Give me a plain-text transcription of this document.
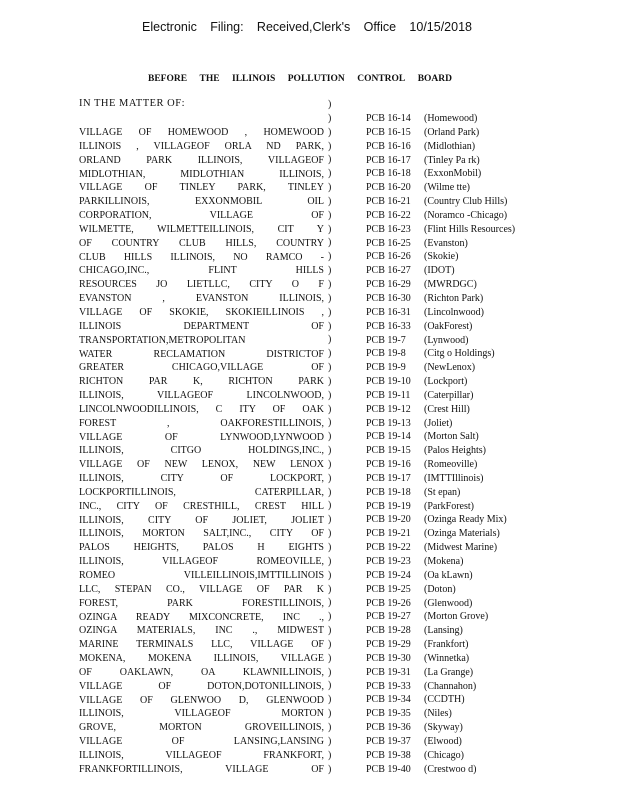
Electronic Filing: Received,Clerk's Office 10/15/2018
BEFORE THE ILLINOIS POLLUTION CONTROL BOARD
IN THE MATTER OF:
VILLAGE OF HOMEWOOD , HOMEWOOD
ILLINOIS , VILLAGEOF ORLA ND PARK,
ORLAND PARK ILLINOIS, VILLAGEOF
MIDLOTHIAN, MIDLOTHIAN ILLINOIS,
VILLAGE OF TINLEY PARK, TINLEY
PARKILLINOIS, EXXONMOBIL OIL
CORPORATION, VILLAGE OF
WILMETTE, WILMETTEILLINOIS, CIT Y
OF COUNTRY CLUB HILLS, COUNTRY
CLUB HILLS ILLINOIS, NO RAMCO -
CHICAGO,INC., FLINT HILLS
RESOURCES JO LIETLLC, CITY O F
EVANSTON , EVANSTON ILLINOIS,
VILLAGE OF SKOKIE, SKOKIEILLINOIS ,
ILLINOIS DEPARTMENT OF
TRANSPORTATION,METROPOLITAN
WATER RECLAMATION DISTRICTOF
GREATER CHICAGO,VILLAGE OF
RICHTON PAR K, RICHTON PARK
ILLINOIS, VILLAGEOF LINCOLNWOOD,
LINCOLNWOODILLINOIS, C ITY OF OAK
FOREST , OAKFORESTILLINOIS,
VILLAGE OF LYNWOOD,LYNWOOD
ILLINOIS, CITGO HOLDINGS,INC.,
VILLAGE OF NEW LENOX, NEW LENOX
ILLINOIS, CITY OF LOCKPORT,
LOCKPORTILLINOIS, CATERPILLAR,
INC., CITY OF CRESTHILL, CREST HILL
ILLINOIS, CITY OF JOLIET, JOLIET
ILLINOIS, MORTON SALT,INC., CITY OF
PALOS HEIGHTS, PALOS H EIGHTS
ILLINOIS, VILLAGEOF ROMEOVILLE,
ROMEO VILLEILLINOIS,IMTTILLINOIS
LLC, STEPAN CO., VILLAGE OF PAR K
FOREST, PARK FORESTILLINOIS,
OZINGA READY MIXCONCRETE, INC .,
OZINGA MATERIALS, INC ., MIDWEST
MARINE TERMINALS LLC, VILLAGE OF
MOKENA, MOKENA ILLINOIS, VILLAGE
OF OAKLAWN, OA KLAWNILLINOIS,
VILLAGE OF DOTON,DOTONILLINOIS,
VILLAGE OF GLENWOO D, GLENWOOD
ILLINOIS, VILLAGEOF MORTON
GROVE, MORTON GROVEILLINOIS,
VILLAGE OF LANSING,LANSING
ILLINOIS, VILLAGEOF FRANKFORT,
FRANKFORTILLINOIS, VILLAGE OF
)
)
)
)
)
)
)
)
)
)
)
)
)
)
)
)
)
)
)
)
)
)
)
)
)
)
)
)
)
)
)
)
)
)
)
)
)
)
)
)
)
)
)
)
)
)
)
)
)
PCB 16-14 (Homewood)
PCB 16-15 (Orland Park)
PCB 16-16 (Midlothian)
PCB 16-17 (Tinley Pa rk)
PCB 16-18 (ExxonMobil)
PCB 16-20 (Wilme tte)
PCB 16-21 (Country Club Hills)
PCB 16-22 (Noramco -Chicago)
PCB 16-23 (Flint Hills Resources)
PCB 16-25 (Evanston)
PCB 16-26 (Skokie)
PCB 16-27 (IDOT)
PCB 16-29 (MWRDGC)
PCB 16-30 (Richton Park)
PCB 16-31 (Lincolnwood)
PCB 16-33 (OakForest)
PCB 19-7 (Lynwood)
PCB 19-8 (Citg o Holdings)
PCB 19-9 (NewLenox)
PCB 19-10 (Lockport)
PCB 19-11 (Caterpillar)
PCB 19-12 (Crest Hill)
PCB 19-13 (Joliet)
PCB 19-14 (Morton Salt)
PCB 19-15 (Palos Heights)
PCB 19-16 (Romeoville)
PCB 19-17 (IMTTIllinois)
PCB 19-18 (St epan)
PCB 19-19 (ParkForest)
PCB 19-20 (Ozinga Ready Mix)
PCB 19-21 (Ozinga Materials)
PCB 19-22 (Midwest Marine)
PCB 19-23 (Mokena)
PCB 19-24 (Oa kLawn)
PCB 19-25 (Doton)
PCB 19-26 (Glenwood)
PCB 19-27 (Morton Grove)
PCB 19-28 (Lansing)
PCB 19-29 (Frankfort)
PCB 19-30 (Winnetka)
PCB 19-31 (La Grange)
PCB 19-33 (Channahon)
PCB 19-34 (CCDTH)
PCB 19-35 (Niles)
PCB 19-36 (Skyway)
PCB 19-37 (Elwood)
PCB 19-38 (Chicago)
PCB 19-40 (Crestwoo d)
